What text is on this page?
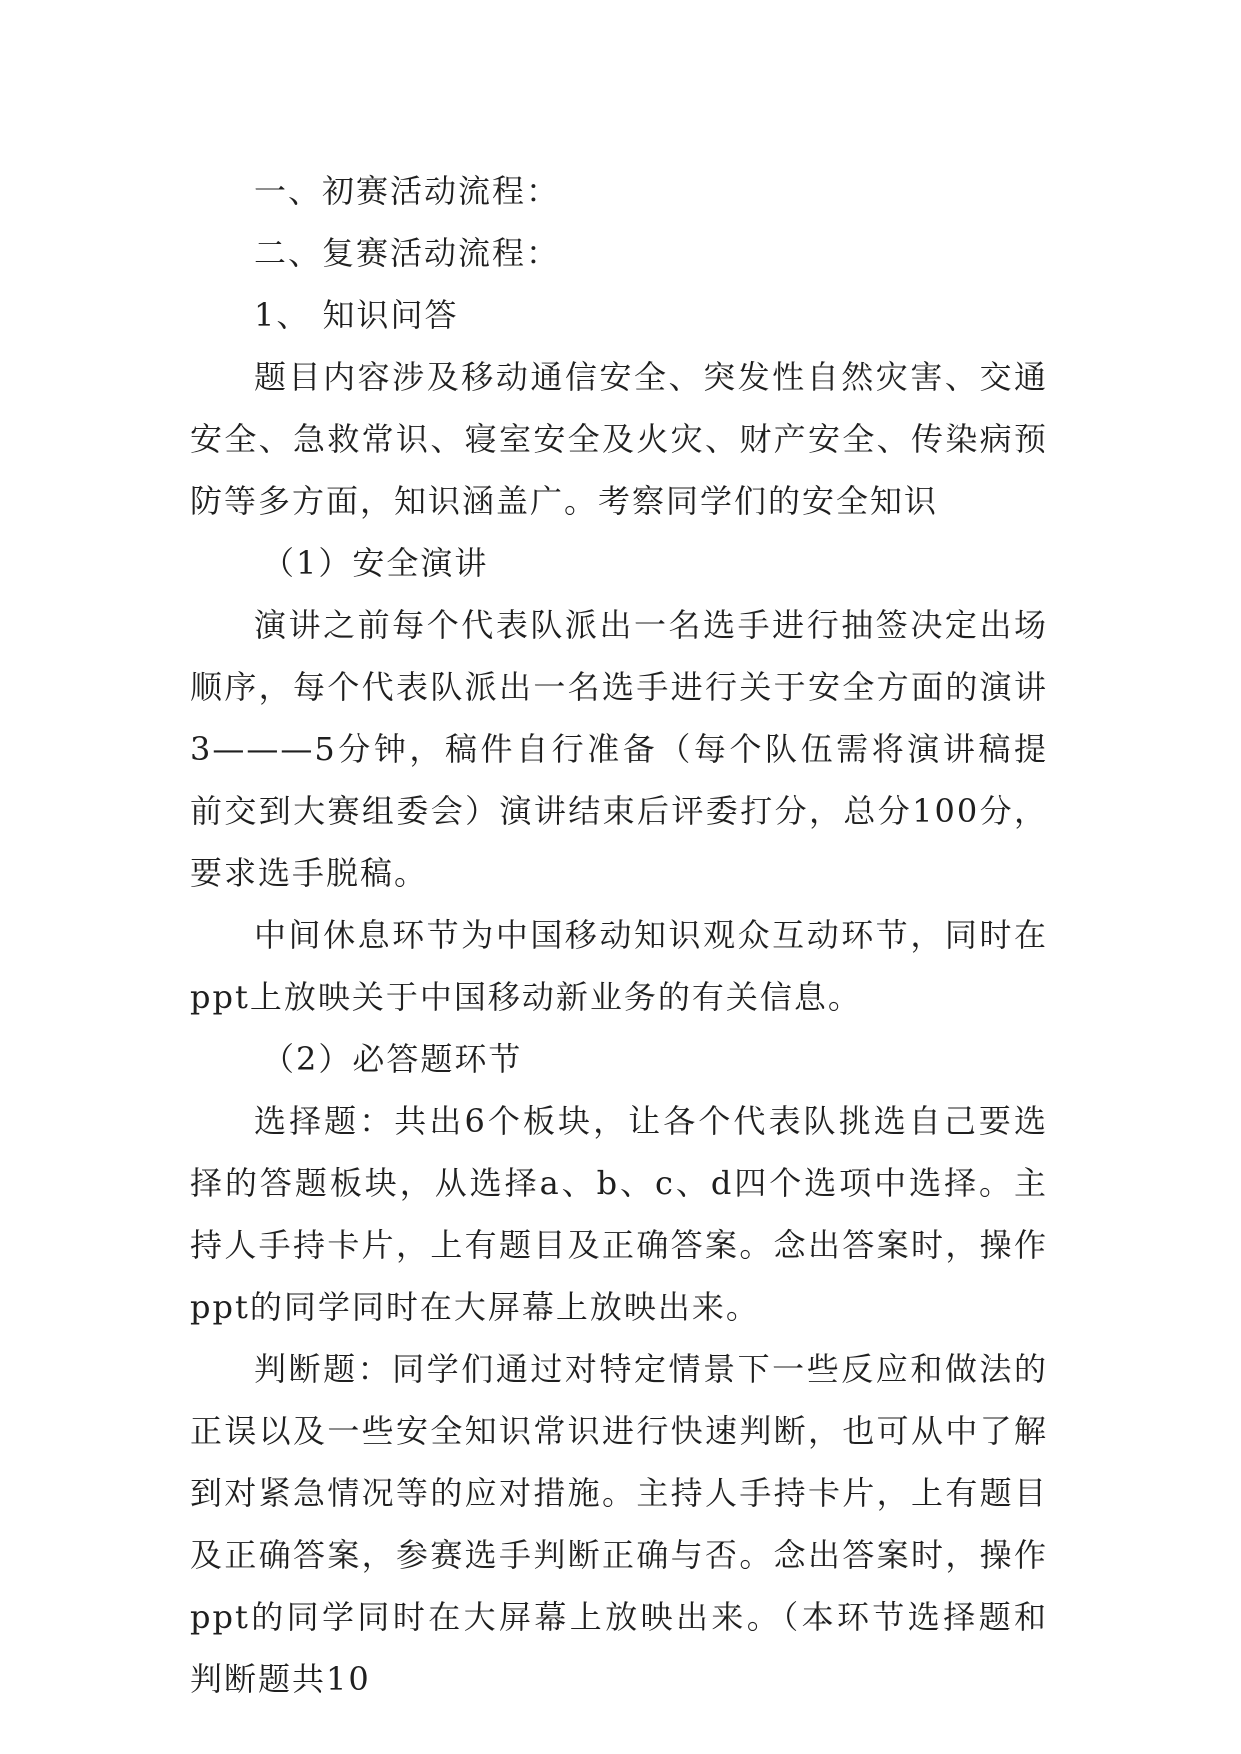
一、初赛活动流程：

二、复赛活动流程：

1、 知识问答

题目内容涉及移动通信安全、突发性自然灾害、交通安全、急救常识、寝室安全及火灾、财产安全、传染病预防等多方面，知识涵盖广。考察同学们的安全知识

（1）安全演讲

演讲之前每个代表队派出一名选手进行抽签决定出场顺序，每个代表队派出一名选手进行关于安全方面的演讲3———5分钟，稿件自行准备（每个队伍需将演讲稿提前交到大赛组委会）演讲结束后评委打分，总分100分，要求选手脱稿。

中间休息环节为中国移动知识观众互动环节，同时在ppt上放映关于中国移动新业务的有关信息。

（2）必答题环节

选择题：共出6个板块，让各个代表队挑选自己要选择的答题板块，从选择a、b、c、d四个选项中选择。主持人手持卡片，上有题目及正确答案。念出答案时，操作ppt的同学同时在大屏幕上放映出来。

判断题：同学们通过对特定情景下一些反应和做法的正误以及一些安全知识常识进行快速判断，也可从中了解到对紧急情况等的应对措施。主持人手持卡片，上有题目及正确答案，参赛选手判断正确与否。念出答案时，操作ppt的同学同时在大屏幕上放映出来。（本环节选择题和判断题共10
